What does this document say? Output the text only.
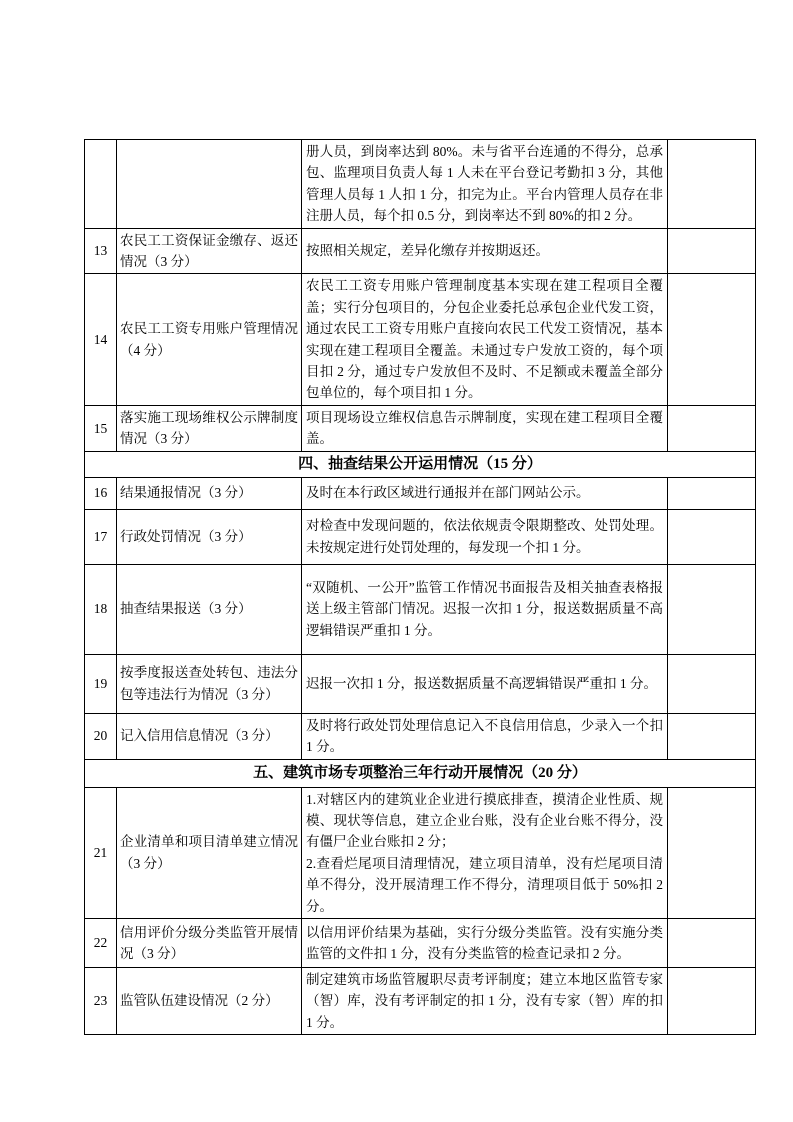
		册人员，到岗率达到 80%。未与省平台连通的不得分，总承包、监理项目负责人每 1 人未在平台登记考勤扣 3 分，其他管理人员每 1 人扣 1 分，扣完为止。平台内管理人员存在非注册人员，每个扣 0.5 分，到岗率达不到 80%的扣 2 分。	
13	农民工工资保证金缴存、返还情况（3 分）	按照相关规定，差异化缴存并按期返还。	
14	农民工工资专用账户管理情况（4 分）	农民工工资专用账户管理制度基本实现在建工程项目全覆盖；实行分包项目的，分包企业委托总承包企业代发工资，通过农民工工资专用账户直接向农民工代发工资情况，基本实现在建工程项目全覆盖。未通过专户发放工资的，每个项目扣 2 分，通过专户发放但不及时、不足额或未覆盖全部分包单位的，每个项目扣 1 分。	
15	落实施工现场维权公示牌制度情况（3 分）	项目现场设立维权信息告示牌制度，实现在建工程项目全覆盖。	
四、抽查结果公开运用情况（15 分）			
16	结果通报情况（3 分）	及时在本行政区域进行通报并在部门网站公示。	
17	行政处罚情况（3 分）	对检查中发现问题的，依法依规责令限期整改、处罚处理。未按规定进行处罚处理的，每发现一个扣 1 分。	
18	抽查结果报送（3 分）	“双随机、一公开”监管工作情况书面报告及相关抽查表格报送上级主管部门情况。迟报一次扣 1 分，报送数据质量不高逻辑错误严重扣 1 分。	
19	按季度报送查处转包、违法分包等违法行为情况（3 分）	迟报一次扣 1 分，报送数据质量不高逻辑错误严重扣 1 分。	
20	记入信用信息情况（3 分）	及时将行政处罚处理信息记入不良信用信息，少录入一个扣 1 分。	
五、建筑市场专项整治三年行动开展情况（20 分）			
21	企业清单和项目清单建立情况（3 分）	1.对辖区内的建筑业企业进行摸底排查，摸清企业性质、规模、现状等信息，建立企业台账，没有企业台账不得分，没有僵尸企业台账扣 2 分；
2.查看烂尾项目清理情况，建立项目清单，没有烂尾项目清单不得分，没开展清理工作不得分，清理项目低于 50%扣 2 分。	

22	信用评价分级分类监管开展情况（3 分）	以信用评价结果为基础，实行分级分类监管。没有实施分类监管的文件扣 1 分，没有分类监管的检查记录扣 2 分。	
23	监管队伍建设情况（2 分）	制定建筑市场监管履职尽责考评制度；建立本地区监管专家（智）库，没有考评制定的扣 1 分，没有专家（智）库的扣 1 分。	
